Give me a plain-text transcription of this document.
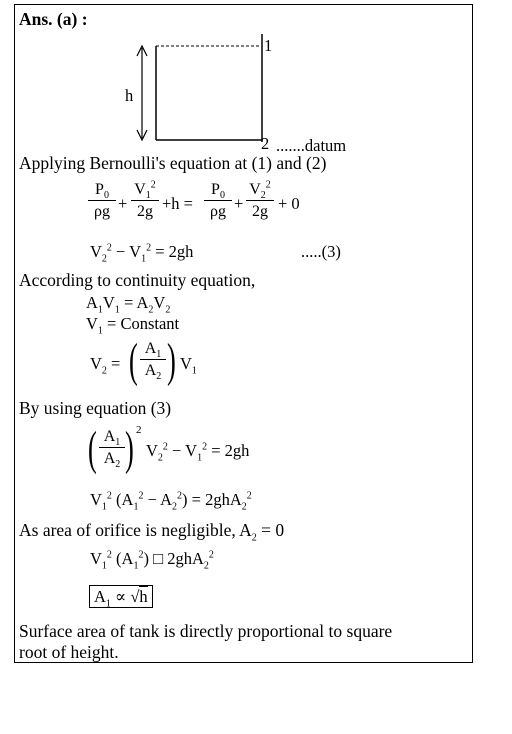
Ans. (a) :
h
1
2 .......datum
Applying Bernoulli's equation at (1) and (2)
$\frac{P_0}{\rho g} + \frac{V_1^2}{2g} +h = \frac{P_0}{\rho g} + \frac{V_2^2}{2g} + 0$
$V_2^2 - V_1^2 = 2gh$	.....(3)
According to continuity equation,
$A_1V_1 = A_2V_2$
$V_1$ = Constant
$V_2$ = ( $\frac{A_1}{A_2}$ ) $V_1$
By using equation (3)
( $\frac{A_1}{A_2}$ ) 2
$V_2^2 - V_1^2 = 2gh$
$V_1^2$ $(A_1^2 - A_2^2) = 2ghA_2^2$
As area of orifice is negligible, $A_2 = 0$
$V_1^2$ $(A_1^2)$ □ 2ghA$_2^2$
$A_1 \propto √h$
Surface area of tank is directly proportional to square
root of height.
